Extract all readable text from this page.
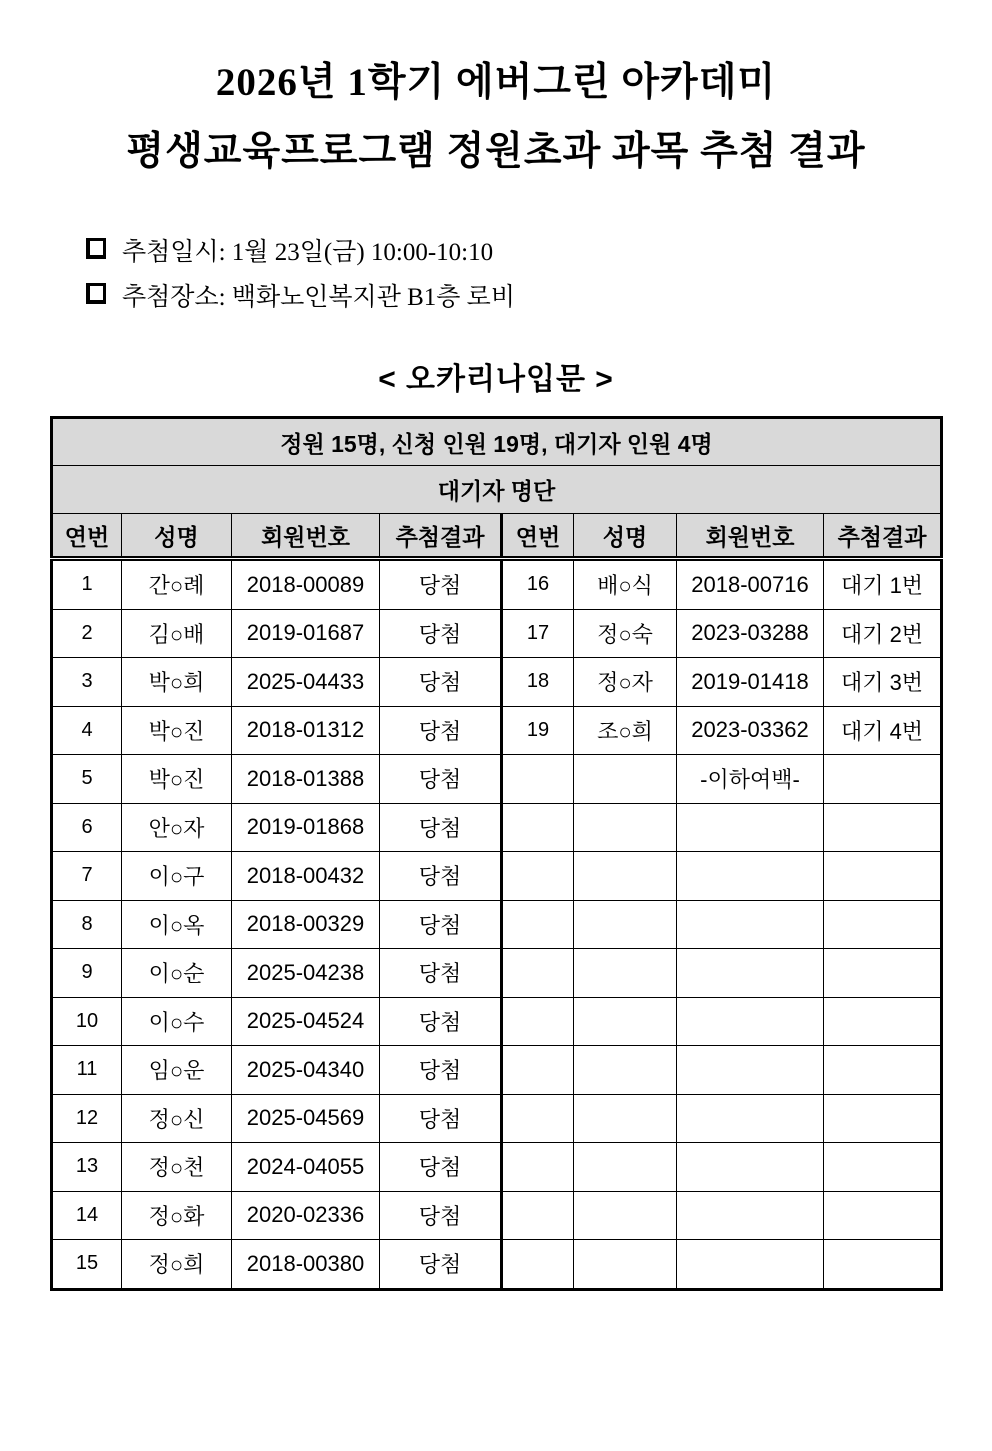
2026년 1학기 에버그린 아카데미
평생교육프로그램 정원초과 과목 추첨 결과
추첨일시: 1월 23일(금) 10:00-10:10
추첨장소: 백화노인복지관 B1층 로비
< 오카리나입문 >
정원 15명, 신청 인원 19명, 대기자 인원 4명							
대기자 명단							
연번	성명	회원번호	추첨결과	연번	성명	회원번호	추첨결과
1	간○례	2018-00089	당첨	16	배○식	2018-00716	대기 1번
2	김○배	2019-01687	당첨	17	정○숙	2023-03288	대기 2번
3	박○희	2025-04433	당첨	18	정○자	2019-01418	대기 3번
4	박○진	2018-01312	당첨	19	조○희	2023-03362	대기 4번
5	박○진	2018-01388	당첨			-이하여백-	
6	안○자	2019-01868	당첨				
7	이○구	2018-00432	당첨				
8	이○옥	2018-00329	당첨				
9	이○순	2025-04238	당첨				
10	이○수	2025-04524	당첨				
11	임○운	2025-04340	당첨				
12	정○신	2025-04569	당첨				
13	정○천	2024-04055	당첨				
14	정○화	2020-02336	당첨				
15	정○희	2018-00380	당첨				
